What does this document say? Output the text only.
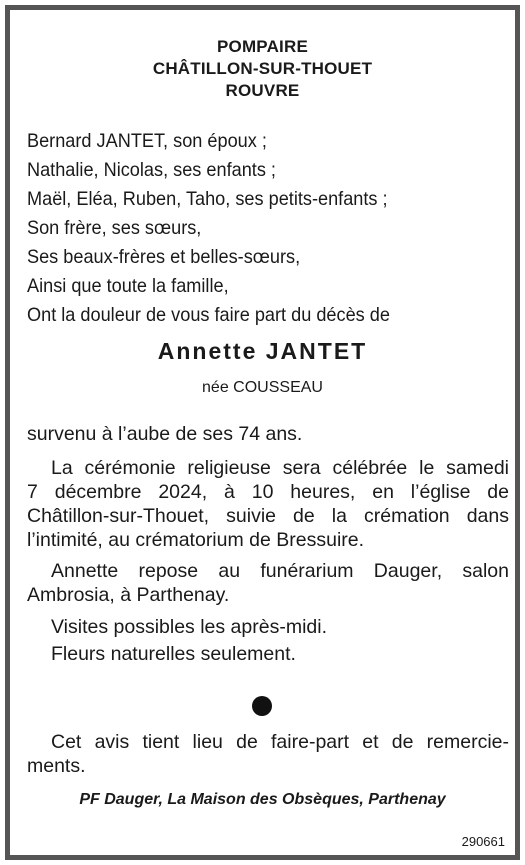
POMPAIRE
CHÂTILLON-SUR-THOUET
ROUVRE
Bernard JANTET, son époux ;
Nathalie, Nicolas, ses enfants ;
Maël, Eléa, Ruben, Taho, ses petits-enfants ;
Son frère, ses sœurs,
Ses beaux-frères et belles-sœurs,
Ainsi que toute la famille,
Ont la douleur de vous faire part du décès de
Annette JANTET
née COUSSEAU
survenu à l’aube de ses 74 ans.
La cérémonie religieuse sera célébrée le samedi
7 décembre 2024, à 10 heures, en l’église de
Châtillon-sur-Thouet, suivie de la crémation dans
l’intimité, au crématorium de Bressuire.
Annette repose au funérarium Dauger, salon
Ambrosia, à Parthenay.
Visites possibles les après-midi.
Fleurs naturelles seulement.
Cet avis tient lieu de faire-part et de remercie-
ments.
PF Dauger, La Maison des Obsèques, Parthenay
290661
